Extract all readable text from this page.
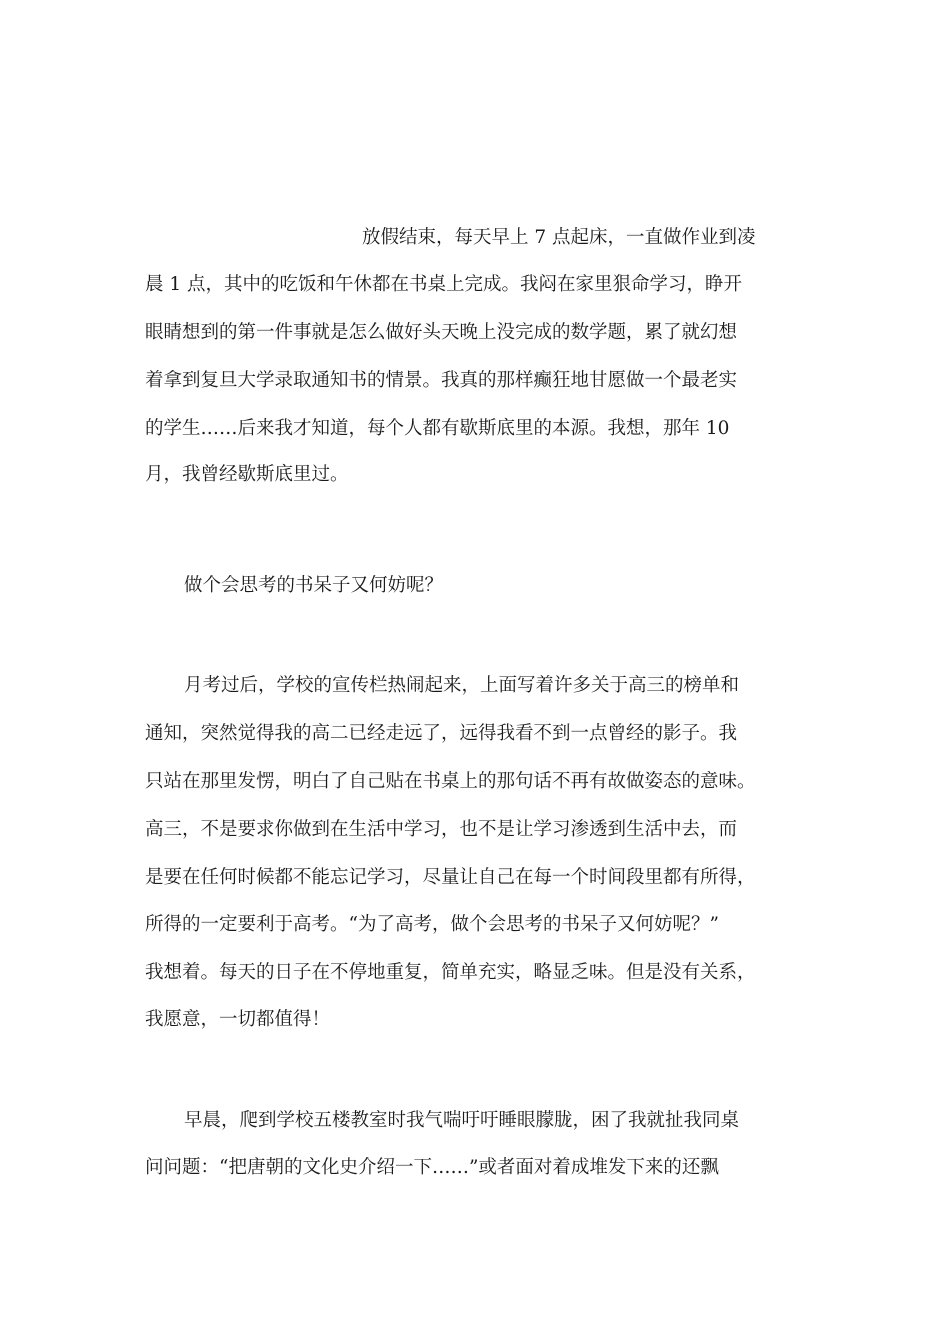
放假结束，每天早上 7 点起床，一直做作业到凌
晨 1 点，其中的吃饭和午休都在书桌上完成。我闷在家里狠命学习，睁开
眼睛想到的第一件事就是怎么做好头天晚上没完成的数学题，累了就幻想
着拿到复旦大学录取通知书的情景。我真的那样癫狂地甘愿做一个最老实
的学生……后来我才知道，每个人都有歇斯底里的本源。我想，那年 10
月，我曾经歇斯底里过。
做个会思考的书呆子又何妨呢？
月考过后，学校的宣传栏热闹起来，上面写着许多关于高三的榜单和
通知，突然觉得我的高二已经走远了，远得我看不到一点曾经的影子。我
只站在那里发愣，明白了自己贴在书桌上的那句话不再有故做姿态的意味。
高三，不是要求你做到在生活中学习，也不是让学习渗透到生活中去，而
是要在任何时候都不能忘记学习，尽量让自己在每一个时间段里都有所得，
所得的一定要利于高考。“为了高考，做个会思考的书呆子又何妨呢？”
我想着。每天的日子在不停地重复，简单充实，略显乏味。但是没有关系，
我愿意，一切都值得！
早晨，爬到学校五楼教室时我气喘吁吁睡眼朦胧，困了我就扯我同桌
问问题：“把唐朝的文化史介绍一下……”或者面对着成堆发下来的还飘
